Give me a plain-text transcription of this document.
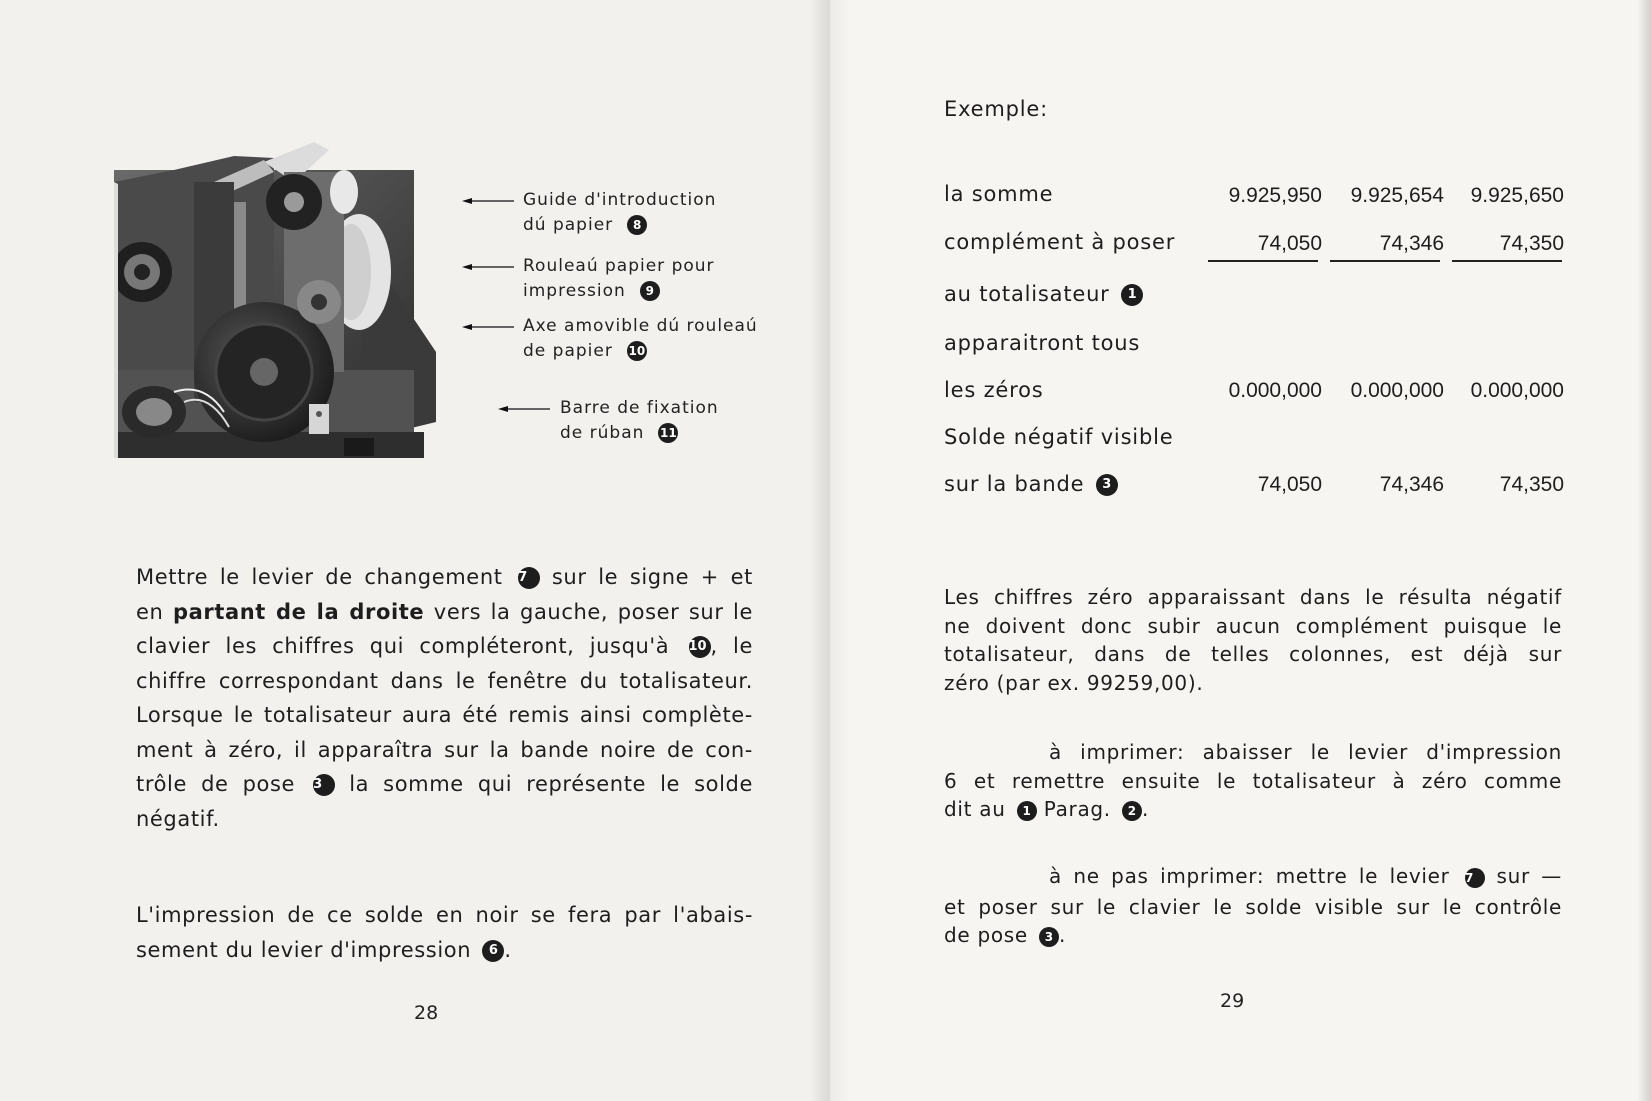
Guide d'introduction
dú papier 8
Rouleaú papier pour
impression 9
Axe amovible dú rouleaú
de papier 10
Barre de fixation
de rúban 11
Mettre le levier de changement 7 sur le signe + et
en partant de la droite vers la gauche, poser sur le
clavier les chiffres qui compléteront, jusqu'à 10 , le
chiffre correspondant dans le fenêtre du totalisateur.
Lorsque le totalisateur aura été remis ainsi complète-
ment à zéro, il apparaîtra sur la bande noire de con-
trôle de pose 3 la somme qui représente le solde
négatif.
L'impression de ce solde en noir se fera par l'abais-
sement du levier d'impression 6 .
28
Exemple:
la somme	9.925,950	9.925,654	9.925,650
complément à poser	74,050	74,346	74,350
au totalisateur 1
apparaitront tous
les zéros	0.000,000	0.000,000	0.000,000
Solde négatif visible
sur la bande 3	74,050	74,346	74,350
Les chiffres zéro apparaissant dans le résulta négatif
ne doivent donc subir aucun complément puisque le
totalisateur, dans de telles colonnes, est déjà sur
zéro (par ex. 99259,00).
à imprimer: abaisser le levier d'impression
6 et remettre ensuite le totalisateur à zéro comme
dit au 1 Parag. 2 .
à ne pas imprimer: mettre le levier 7 sur —
et poser sur le clavier le solde visible sur le contrôle
de pose 3 .
29
